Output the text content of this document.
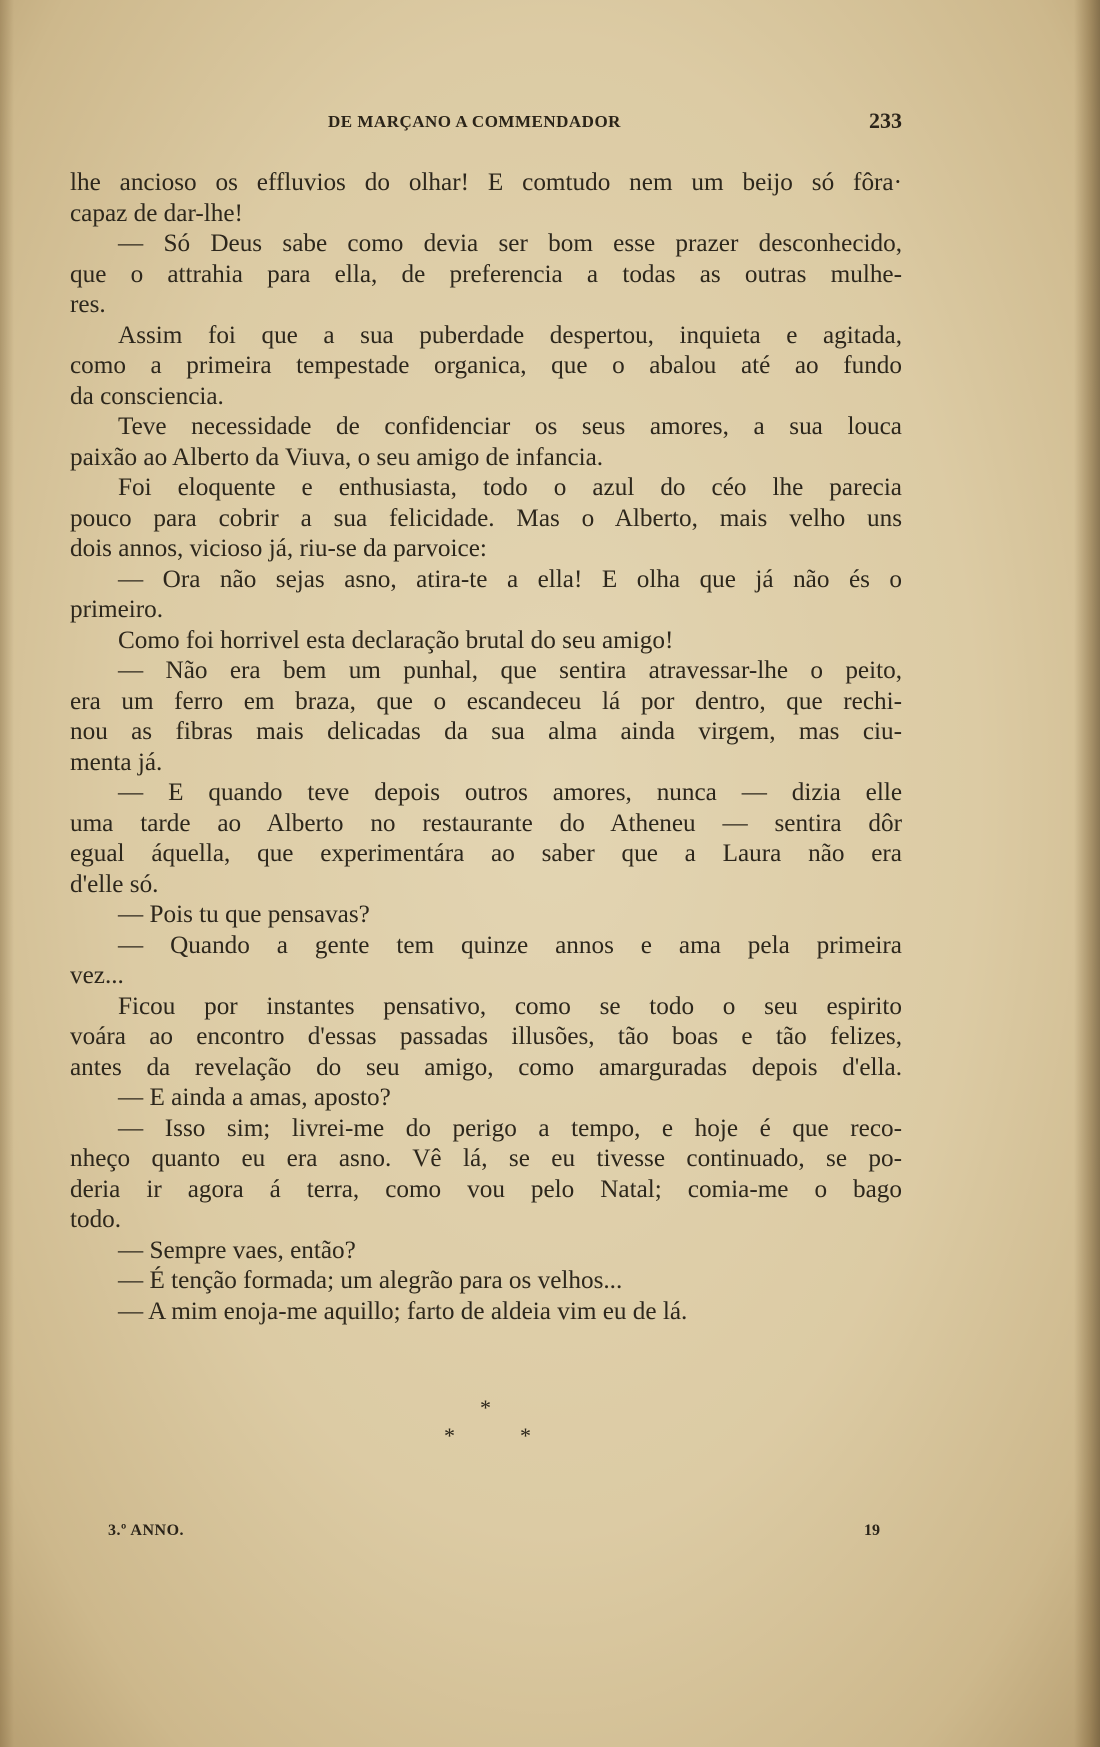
DE MARÇANO A COMMENDADOR	233
lhe ancioso os effluvios do olhar! E comtudo nem um beijo só fôra·
capaz de dar-lhe!
— Só Deus sabe como devia ser bom esse prazer desconhecido,
que o attrahia para ella, de preferencia a todas as outras mulhe-
res.
Assim foi que a sua puberdade despertou, inquieta e agitada,
como a primeira tempestade organica, que o abalou até ao fundo
da consciencia.
Teve necessidade de confidenciar os seus amores, a sua louca
paixão ao Alberto da Viuva, o seu amigo de infancia.
Foi eloquente e enthusiasta, todo o azul do céo lhe parecia
pouco para cobrir a sua felicidade. Mas o Alberto, mais velho uns
dois annos, vicioso já, riu-se da parvoice:
— Ora não sejas asno, atira-te a ella! E olha que já não és o
primeiro.
Como foi horrivel esta declaração brutal do seu amigo!
— Não era bem um punhal, que sentira atravessar-lhe o peito,
era um ferro em braza, que o escandeceu lá por dentro, que rechi-
nou as fibras mais delicadas da sua alma ainda virgem, mas ciu-
menta já.
— E quando teve depois outros amores, nunca — dizia elle
uma tarde ao Alberto no restaurante do Atheneu — sentira dôr
egual áquella, que experimentára ao saber que a Laura não era
d'elle só.
— Pois tu que pensavas?
— Quando a gente tem quinze annos e ama pela primeira
vez...
Ficou por instantes pensativo, como se todo o seu espirito
voára ao encontro d'essas passadas illusões, tão boas e tão felizes,
antes da revelação do seu amigo, como amarguradas depois d'ella.
— E ainda a amas, aposto?
— Isso sim; livrei-me do perigo a tempo, e hoje é que reco-
nheço quanto eu era asno. Vê lá, se eu tivesse continuado, se po-
deria ir agora á terra, como vou pelo Natal; comia-me o bago
todo.
— Sempre vaes, então?
— É tenção formada; um alegrão para os velhos...
— A mim enoja-me aquillo; farto de aldeia vim eu de lá.
*
*	*
3.º ANNO.	19
